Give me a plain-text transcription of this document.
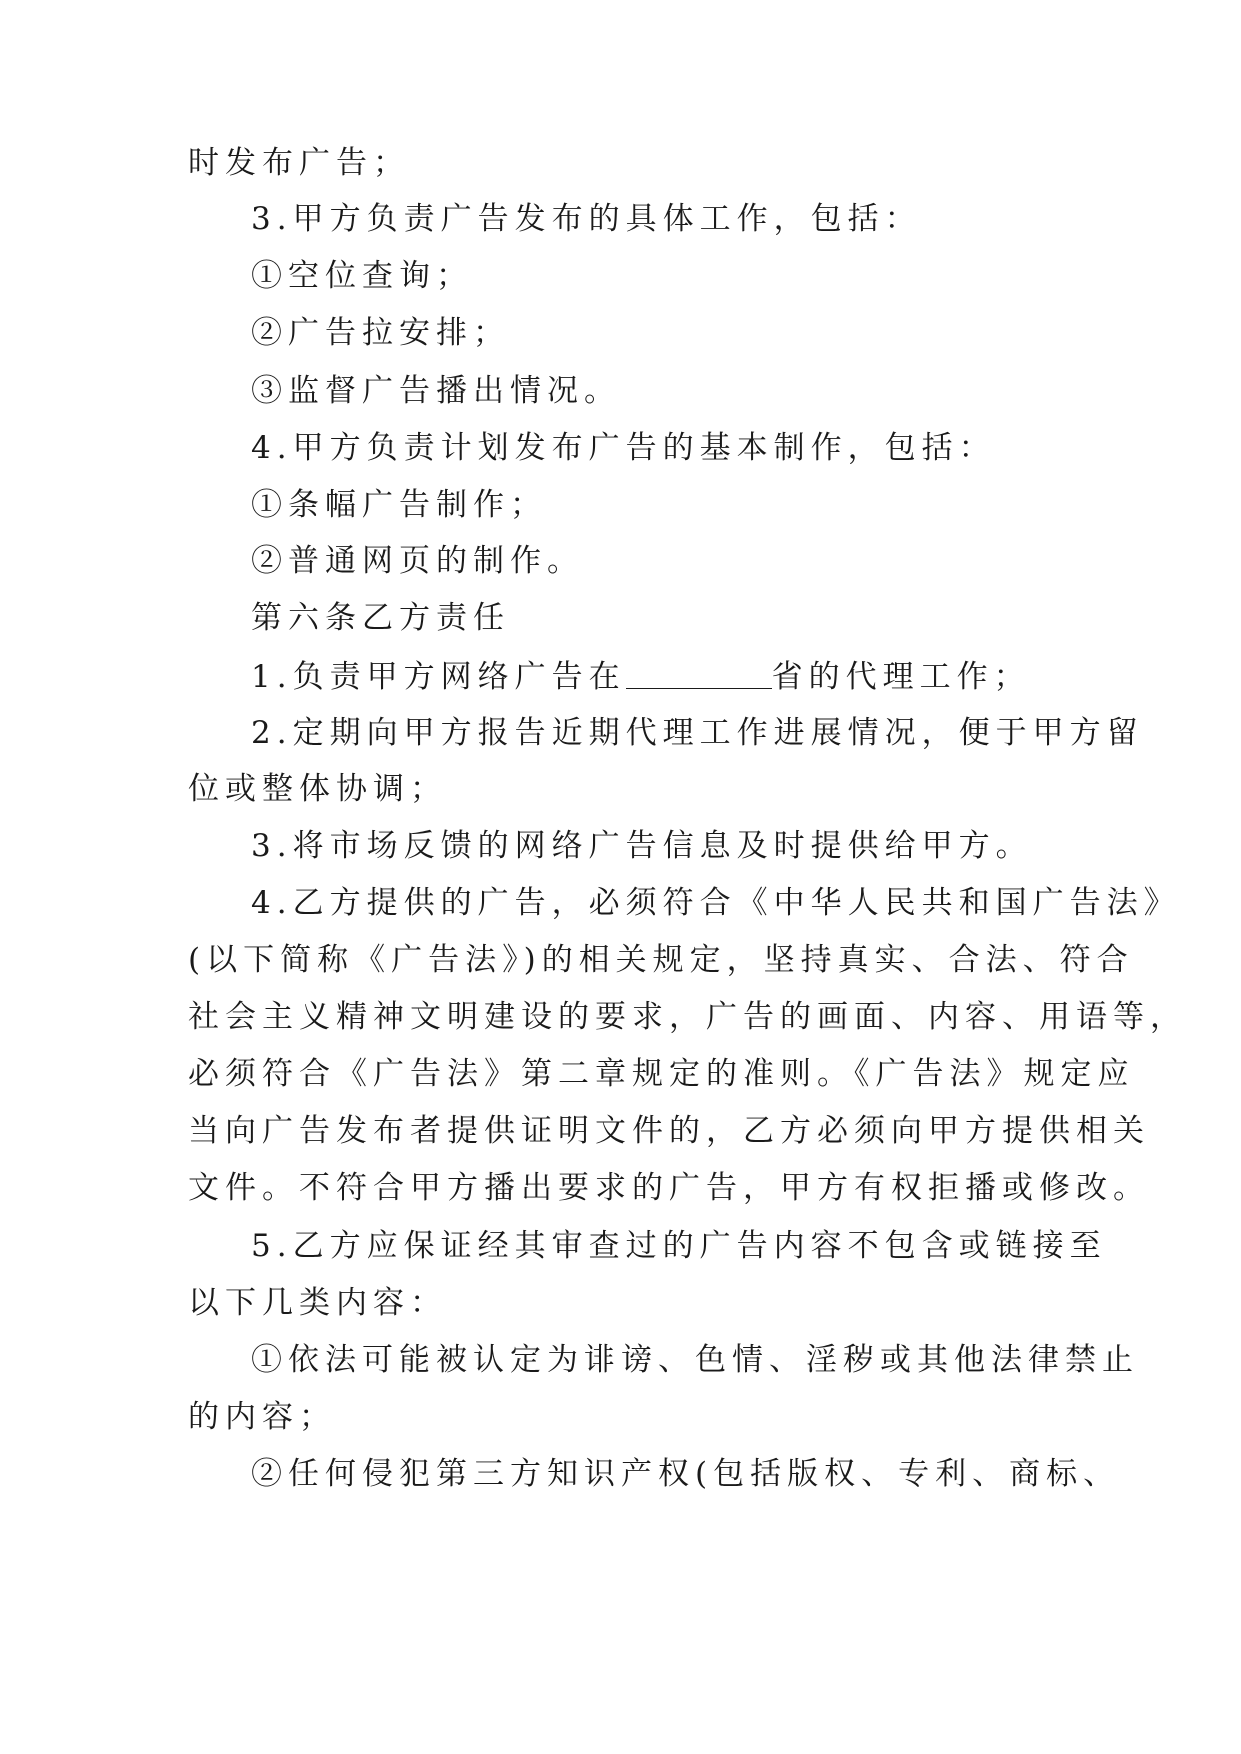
时发布广告；
3.甲方负责广告发布的具体工作，包括：
①空位查询；
②广告拉安排；
③监督广告播出情况。
4.甲方负责计划发布广告的基本制作，包括：
①条幅广告制作；
②普通网页的制作。
第六条乙方责任
1.负责甲方网络广告在	省的代理工作；
2.定期向甲方报告近期代理工作进展情况，便于甲方留
位或整体协调；
3.将市场反馈的网络广告信息及时提供给甲方。
4.乙方提供的广告，必须符合《中华人民共和国广告法》
(以下简称《广告法》)的相关规定，坚持真实、合法、符合
社会主义精神文明建设的要求，广告的画面、内容、用语等，
必须符合《广告法》第二章规定的准则。《广告法》规定应
当向广告发布者提供证明文件的，乙方必须向甲方提供相关
文件。不符合甲方播出要求的广告，甲方有权拒播或修改。
5.乙方应保证经其审查过的广告内容不包含或链接至
以下几类内容：
①依法可能被认定为诽谤、色情、淫秽或其他法律禁止
的内容；
②任何侵犯第三方知识产权(包括版权、专利、商标、
